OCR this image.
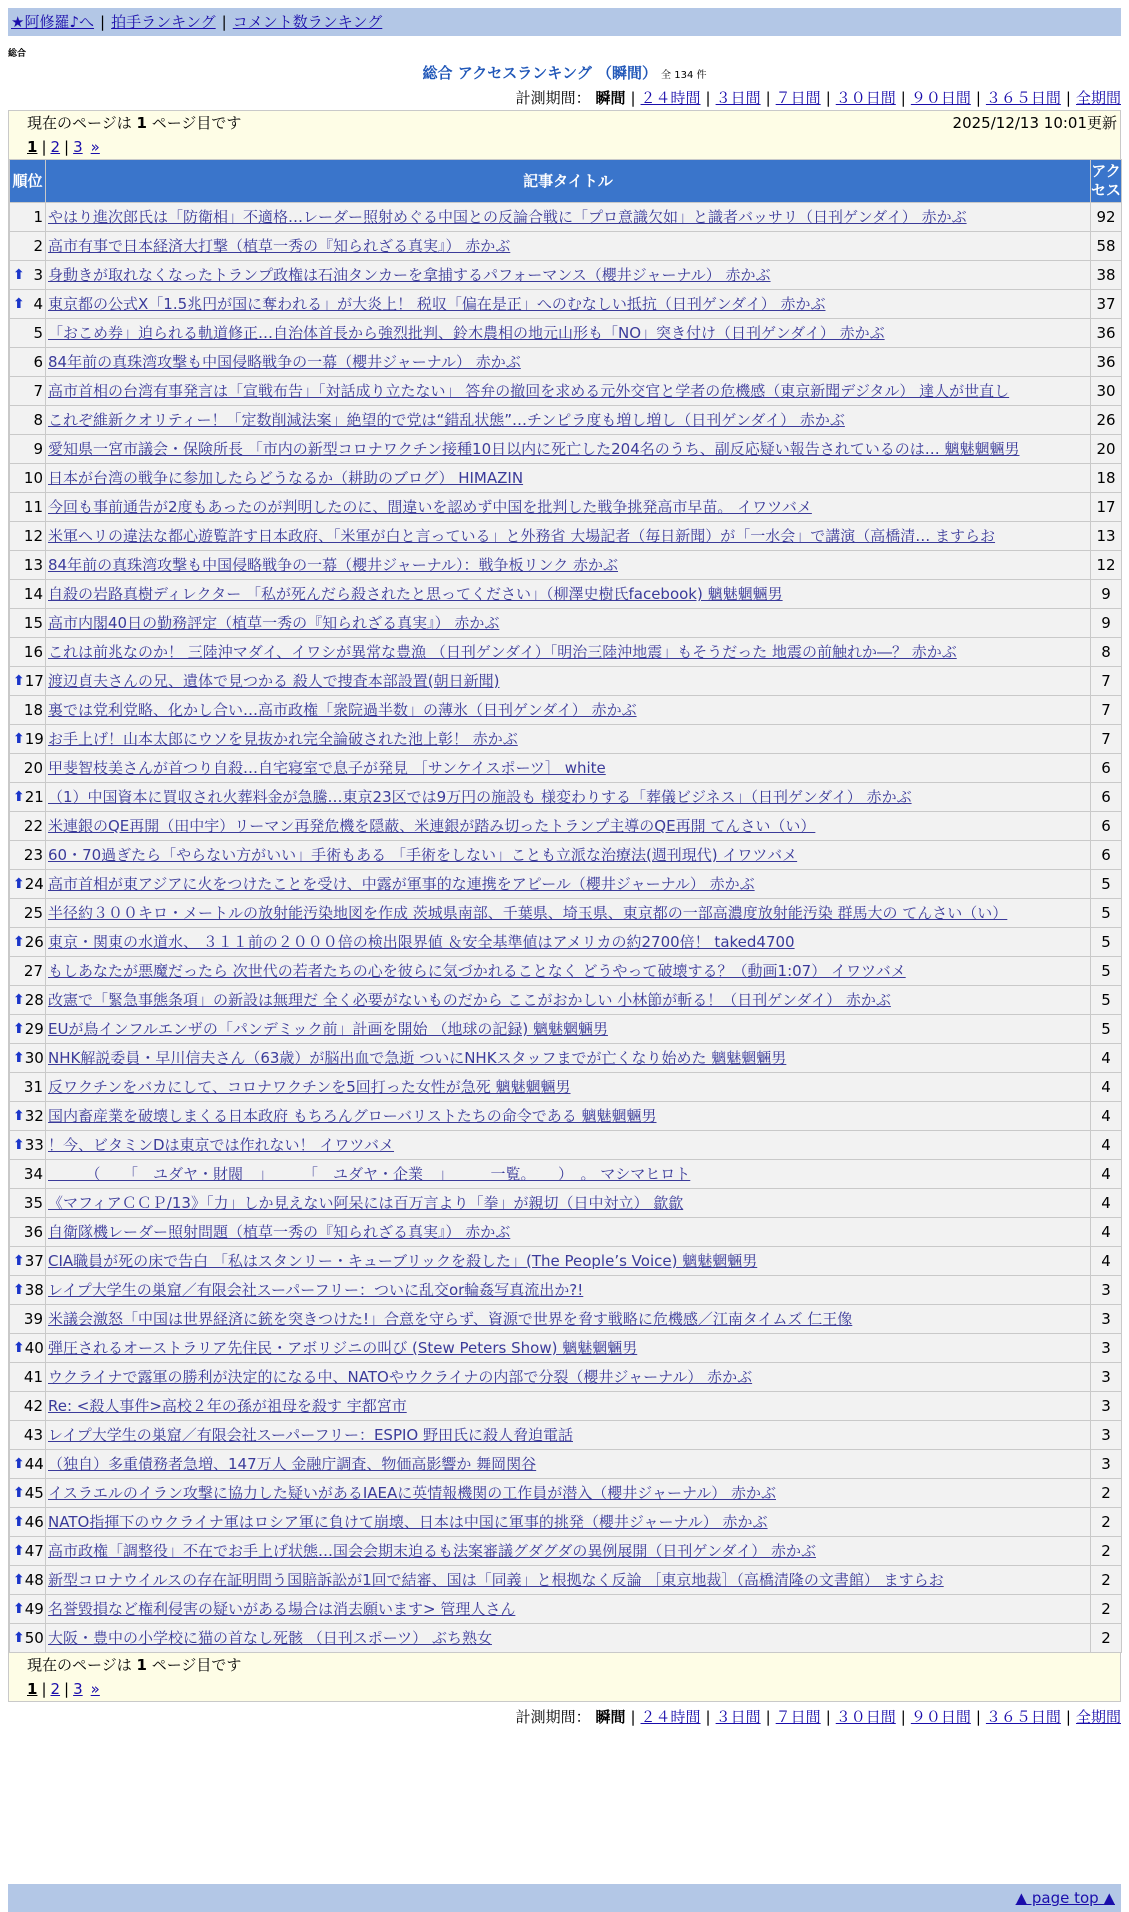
★阿修羅♪へ | 拍手ランキング | コメント数ランキング
総合
総合 アクセスランキング （瞬間） 全 134 件
計測期間： 瞬間 | ２４時間 | ３日間 | ７日間 | ３０日間 | ９０日間 | ３６５日間 | 全期間
現在のページは 1 ページ目です	2025/12/13 10:01更新
1 | 2 | 3 »
順位	記事タイトル	アクセス
1	やはり進次郎氏は「防衛相」不適格…レーダー照射めぐる中国との反論合戦に「プロ意識欠如」と識者バッサリ（日刊ゲンダイ） 赤かぶ	92
2	高市有事で日本経済大打撃（植草一秀の『知られざる真実』） 赤かぶ	58

⬆ 3	身動きが取れなくなったトランプ政権は石油タンカーを拿捕するパフォーマンス（櫻井ジャーナル） 赤かぶ	38

⬆ 4	東京都の公式X「1.5兆円が国に奪われる」が大炎上！ 税収「偏在是正」へのむなしい抵抗（日刊ゲンダイ） 赤かぶ	37
5	「おこめ券」迫られる軌道修正…自治体首長から強烈批判、鈴木農相の地元山形も「NO」突き付け（日刊ゲンダイ） 赤かぶ	36
6	84年前の真珠湾攻撃も中国侵略戦争の一幕（櫻井ジャーナル） 赤かぶ	36
7	高市首相の台湾有事発言は「宣戦布告」「対話成り立たない」 答弁の撤回を求める元外交官と学者の危機感（東京新聞デジタル） 達人が世直し	30
8	これぞ維新クオリティー！「定数削減法案」絶望的で党は“錯乱状態”…チンピラ度も増し増し（日刊ゲンダイ） 赤かぶ	26
9	愛知県一宮市議会・保険所長 「市内の新型コロナワクチン接種10日以内に死亡した204名のうち、副反応疑い報告されているのは… 魑魅魍魎男	20
10	日本が台湾の戦争に参加したらどうなるか（耕助のブログ） HIMAZIN	18
11	今回も事前通告が2度もあったのが判明したのに、間違いを認めず中国を批判した戦争挑発高市早苗。 イワツバメ	17
12	米軍ヘリの違法な都心遊覧許す日本政府、「米軍が白と言っている」と外務省 大場記者（毎日新聞）が「一水会」で講演（高橋清… ますらお	13
13	84年前の真珠湾攻撃も中国侵略戦争の一幕（櫻井ジャーナル）：戦争板リンク 赤かぶ	12
14	自殺の岩路真樹ディレクター 「私が死んだら殺されたと思ってください」（柳澤史樹氏facebook) 魑魅魍魎男	9
15	高市内閣40日の勤務評定（植草一秀の『知られざる真実』） 赤かぶ	9
16	これは前兆なのか！ 三陸沖マダイ、イワシが異常な豊漁 （日刊ゲンダイ）「明治三陸沖地震」もそうだった 地震の前触れか―？ 赤かぶ	8

⬆ 17	渡辺貞夫さんの兄、遺体で見つかる 殺人で捜査本部設置(朝日新聞)	7
18	裏では党利党略、化かし合い…高市政権「衆院過半数」の薄氷（日刊ゲンダイ） 赤かぶ	7

⬆ 19	お手上げ！山本太郎にウソを見抜かれ完全論破された池上彰！ 赤かぶ	7
20	甲斐智枝美さんが首つり自殺…自宅寝室で息子が発見 ［サンケイスポーツ］ white	6

⬆ 21	（1）中国資本に買収され火葬料金が急騰…東京23区では9万円の施設も 様変わりする「葬儀ビジネス」（日刊ゲンダイ） 赤かぶ	6
22	米連銀のQE再開（田中宇）リーマン再発危機を隠蔽、米連銀が踏み切ったトランプ主導のQE再開 てんさい（い）	6
23	60・70過ぎたら「やらない方がいい」手術もある 「手術をしない」ことも立派な治療法(週刊現代) イワツバメ	6

⬆ 24	高市首相が東アジアに火をつけたことを受け、中露が軍事的な連携をアピール（櫻井ジャーナル） 赤かぶ	5
25	半径約３００キロ・メートルの放射能汚染地図を作成 茨城県南部、千葉県、埼玉県、東京都の一部高濃度放射能汚染 群馬大の てんさい（い）	5

⬆ 26	東京・関東の水道水、 ３１１前の２０００倍の検出限界値 ＆安全基準値はアメリカの約2700倍！ taked4700	5
27	もしあなたが悪魔だったら 次世代の若者たちの心を彼らに気づかれることなく どうやって破壊する？（動画1:07） イワツバメ	5

⬆ 28	改憲で「緊急事態条項」の新設は無理だ 全く必要がないものだから ここがおかしい 小林節が斬る！（日刊ゲンダイ） 赤かぶ	5

⬆ 29	EUが鳥インフルエンザの「パンデミック前」計画を開始 （地球の記録) 魑魅魍魎男	5

⬆ 30	NHK解説委員・早川信夫さん（63歳）が脳出血で急逝 ついにNHKスタッフまでが亡くなり始めた 魑魅魍魎男	4
31	反ワクチンをバカにして、コロナワクチンを5回打った女性が急死 魑魅魍魎男	4

⬆ 32	国内畜産業を破壊しまくる日本政府 もちろんグローバリストたちの命令である 魑魅魍魎男	4

⬆ 33	！今、ビタミンDは東京では作れない！ イワツバメ	4
34	　　　（　　「　ユダヤ・財閥　」　　　「　ユダヤ・企業　」　　　一覧。　　）　。 マシマヒロト	4
35	《マフィアＣＣＰ/13》「力」しか見えない阿呆には百万言より「拳」が親切（日中対立） 歙歙	4
36	自衛隊機レーダー照射問題（植草一秀の『知られざる真実』） 赤かぶ	4

⬆ 37	CIA職員が死の床で告白 「私はスタンリー・キューブリックを殺した」(The People’s Voice) 魑魅魍魎男	4

⬆ 38	レイプ大学生の巣窟／有限会社スーパーフリー：ついに乱交or輪姦写真流出か?!	3
39	米議会激怒「中国は世界経済に銃を突きつけた!」合意を守らず、資源で世界を脅す戦略に危機感／江南タイムズ 仁王像	3

⬆ 40	弾圧されるオーストラリア先住民・アボリジニの叫び (Stew Peters Show) 魑魅魍魎男	3
41	ウクライナで露軍の勝利が決定的になる中、NATOやウクライナの内部で分裂（櫻井ジャーナル） 赤かぶ	3
42	Re: <殺人事件>高校２年の孫が祖母を殺す 宇都宮市	3
43	レイプ大学生の巣窟／有限会社スーパーフリー：ESPIO 野田氏に殺人脅迫電話	3

⬆ 44	（独自）多重債務者急増、147万人 金融庁調査、物価高影響か 舞岡関谷	3

⬆ 45	イスラエルのイラン攻撃に協力した疑いがあるIAEAに英情報機関の工作員が潜入（櫻井ジャーナル） 赤かぶ	2

⬆ 46	NATO指揮下のウクライナ軍はロシア軍に負けて崩壊、日本は中国に軍事的挑発（櫻井ジャーナル） 赤かぶ	2

⬆ 47	高市政権「調整役」不在でお手上げ状態…国会会期末迫るも法案審議グダグダの異例展開（日刊ゲンダイ） 赤かぶ	2

⬆ 48	新型コロナウイルスの存在証明問う国賠訴訟が1回で結審、国は「同義」と根拠なく反論 ［東京地裁］（高橋清隆の文書館） ますらお	2

⬆ 49	名誉毀損など権利侵害の疑いがある場合は消去願います> 管理人さん	2

⬆ 50	大阪・豊中の小学校に猫の首なし死骸 （日刊スポーツ） ぶち熟女	2
現在のページは 1 ページ目です
1 | 2 | 3 »
計測期間： 瞬間 | ２４時間 | ３日間 | ７日間 | ３０日間 | ９０日間 | ３６５日間 | 全期間
▲ page top ▲
